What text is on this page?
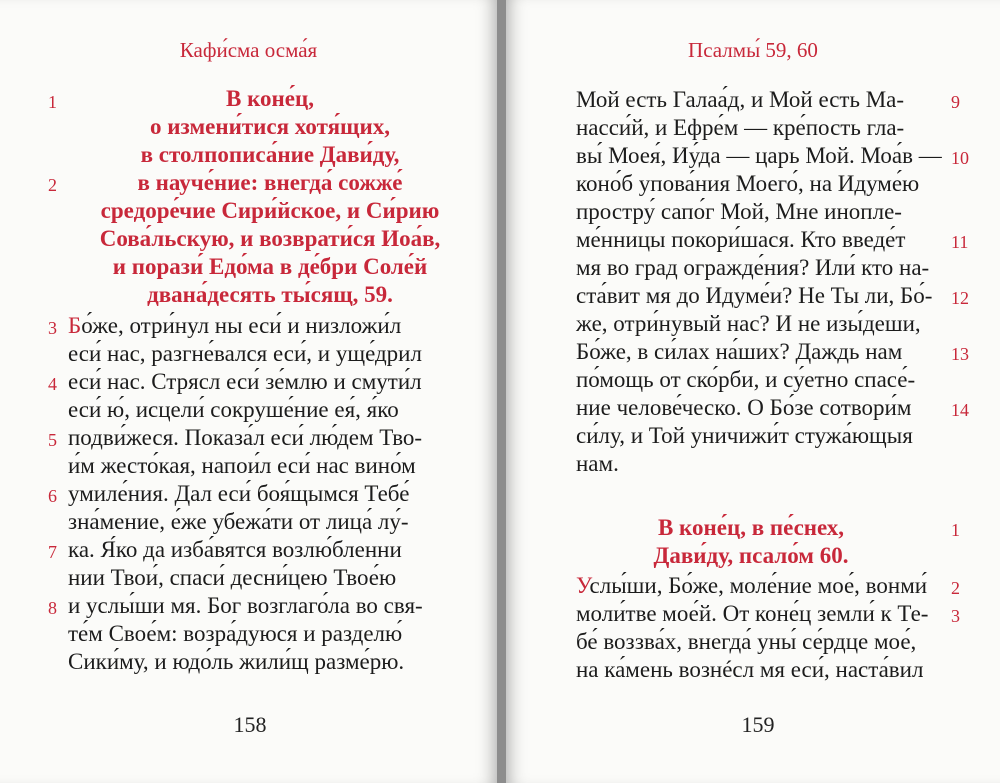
Кафи́сма осма́я
1
2
В коне́ц,
о измени́тися хотя́щих,
в столпописа́ние Дави́ду,
в науче́ние: внегда́ сожже́
средоре́чие Сири́йское, и Си́рию
Сова́льскую, и возврати́ся Иоа́в,
и порази́ Едо́ма в де́бри Соле́й
двана́десять ты́сящ, 59.
3
4
5
6
7
8
Бо́же, отри́нул ны еси́ и низложи́л
еси́ нас, разгне́вался еси́, и уще́дрил
еси́ нас. Стрясл еси́ зе́млю и смути́л
еси́ ю́, исцели́ сокруше́ние ея́, я́ко
подви́жеся. Показа́л еси́ лю́дем Тво-
и́м жесто́кая, напои́л еси́ нас вино́м
умиле́ния. Дал еси́ боя́щымся Тебе́
зна́мение, е́же убежа́ти от лица́ лу́-
ка. Я́ко да изба́вятся возлю́бленни
нии Твои́, спаси́ десни́цею Твое́ю
и услы́ши мя. Бог возглаго́ла во свя-
те́м Свое́м: возра́дуюся и разделю́
Сики́му, и юдо́ль жили́щ разме́рю.
158
Псалмы́ 59, 60
Мой есть Галаа́д, и Мой есть Ма-
насси́й, и Ефре́м — кре́пость гла-
вы́ Моея́, Иу́да — царь Мой. Моа́в —
коно́б упова́ния Моего́, на Идуме́ю
простру́ сапо́г Мой, Мне иноплe-
ме́нницы покори́шася. Кто введе́т
мя во град огражде́ния? Или́ кто на-
ста́вит мя до Идуме́и? Не Ты ли, Бо́-
же, отри́нувый нас? И не изы́деши,
Бо́же, в си́лах на́ших? Даждь нам
по́мощь от ско́рби, и су́етно спасе́-
ние челове́ческо. О Бо́зе сотвори́м
си́лу, и Той уничижи́т стужа́ющыя
нам.
9
10
11
12
13
14
В коне́ц, в пе́снех,
Дави́ду, псало́м 60.
1
Услы́ши, Бо́же, моле́ние мое́, вонми́
моли́тве мое́й. От коне́ц земли́ к Те-
бе́ воззва́х, внегда́ уны́ се́рдце мое́,
на ка́мень вознéсл мя еси́, наста́вил
2
3
159
